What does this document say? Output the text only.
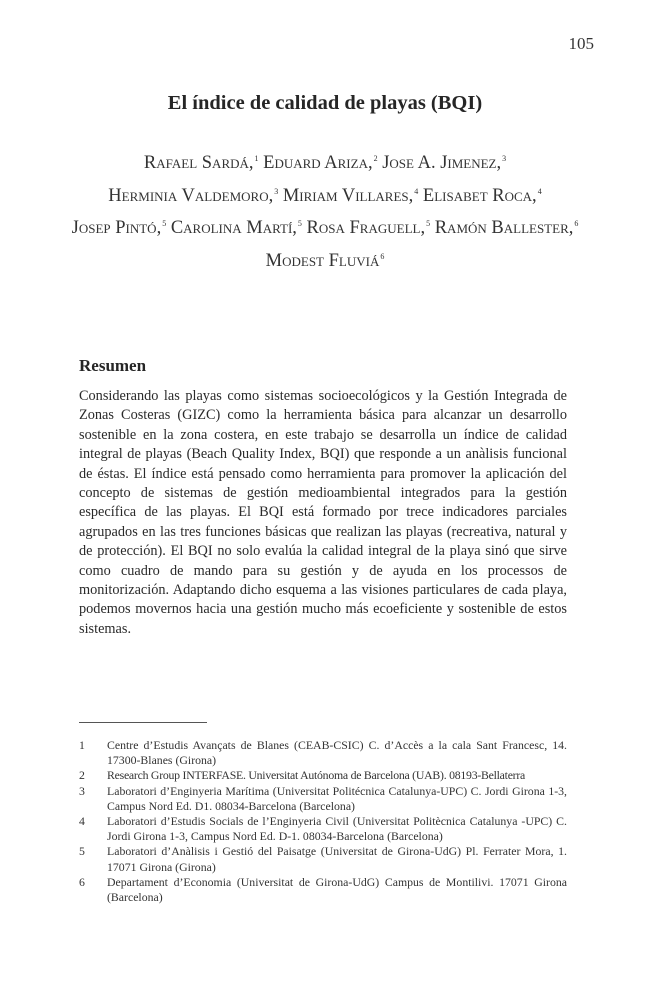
105
El índice de calidad de playas (BQI)
Rafael Sardá,$^1$ Eduard Ariza,$^2$ Jose A. Jimenez,$^3$
Herminia Valdemoro,$^3$ Miriam Villares,$^4$ Elisabet Roca,$^4$ Josep Pintó,$^5$ Carolina Martí,$^5$ Rosa Fraguell,$^5$ Ramón Ballester,$^6$ Modest Fluviá$^6$
Resumen

Considerando las playas como sistemas socioecológicos y la Gestión Integrada de Zonas Costeras (GIZC) como la herramienta básica para alcanzar un desarrollo sostenible en la zona costera, en este trabajo se desarrolla un índice de calidad integral de playas (Beach Quality Index, BQI) que responde a un anàlisis funcional de éstas. El índice está pensado como herramienta para promover la aplicación del concepto de sistemas de gestión medioambiental integrados para la gestión específica de las playas. El BQI está formado por trece indicadores parciales agrupados en las tres funciones básicas que realizan las playas (recreativa, natural y de protección). El BQI no solo evalúa la calidad integral de la playa sinó que sirve como cuadro de mando para su gestión y de ayuda en los processos de monitorización. Adaptando dicho esquema a las visiones particulares de cada playa, podemos movernos hacia una gestión mucho más ecoeficiente y sostenible de estos sistemas.

1	Centre d’Estudis Avançats de Blanes (CEAB-CSIC) C. d’Accès a la cala Sant Francesc, 14. 17300-Blanes (Girona)
2	Research Group INTERFASE. Universitat Autónoma de Barcelona (UAB). 08193-Bellaterra
3	Laboratori d’Enginyeria Marítima (Universitat Politécnica Catalunya-UPC) C. Jordi Girona 1-3, Campus Nord Ed. D1. 08034-Barcelona (Barcelona)
4	Laboratori d’Estudis Socials de l’Enginyeria Civil (Universitat Politècnica Catalunya -UPC) C. Jordi Girona 1-3, Campus Nord Ed. D-1. 08034-Barcelona (Barcelona)
5	Laboratori d’Anàlisis i Gestió del Paisatge (Universitat de Girona-UdG) Pl. Ferrater Mora, 1. 17071 Girona (Girona)
6	Departament d’Economia (Universitat de Girona-UdG) Campus de Montilivi. 17071 Girona (Barcelona)
